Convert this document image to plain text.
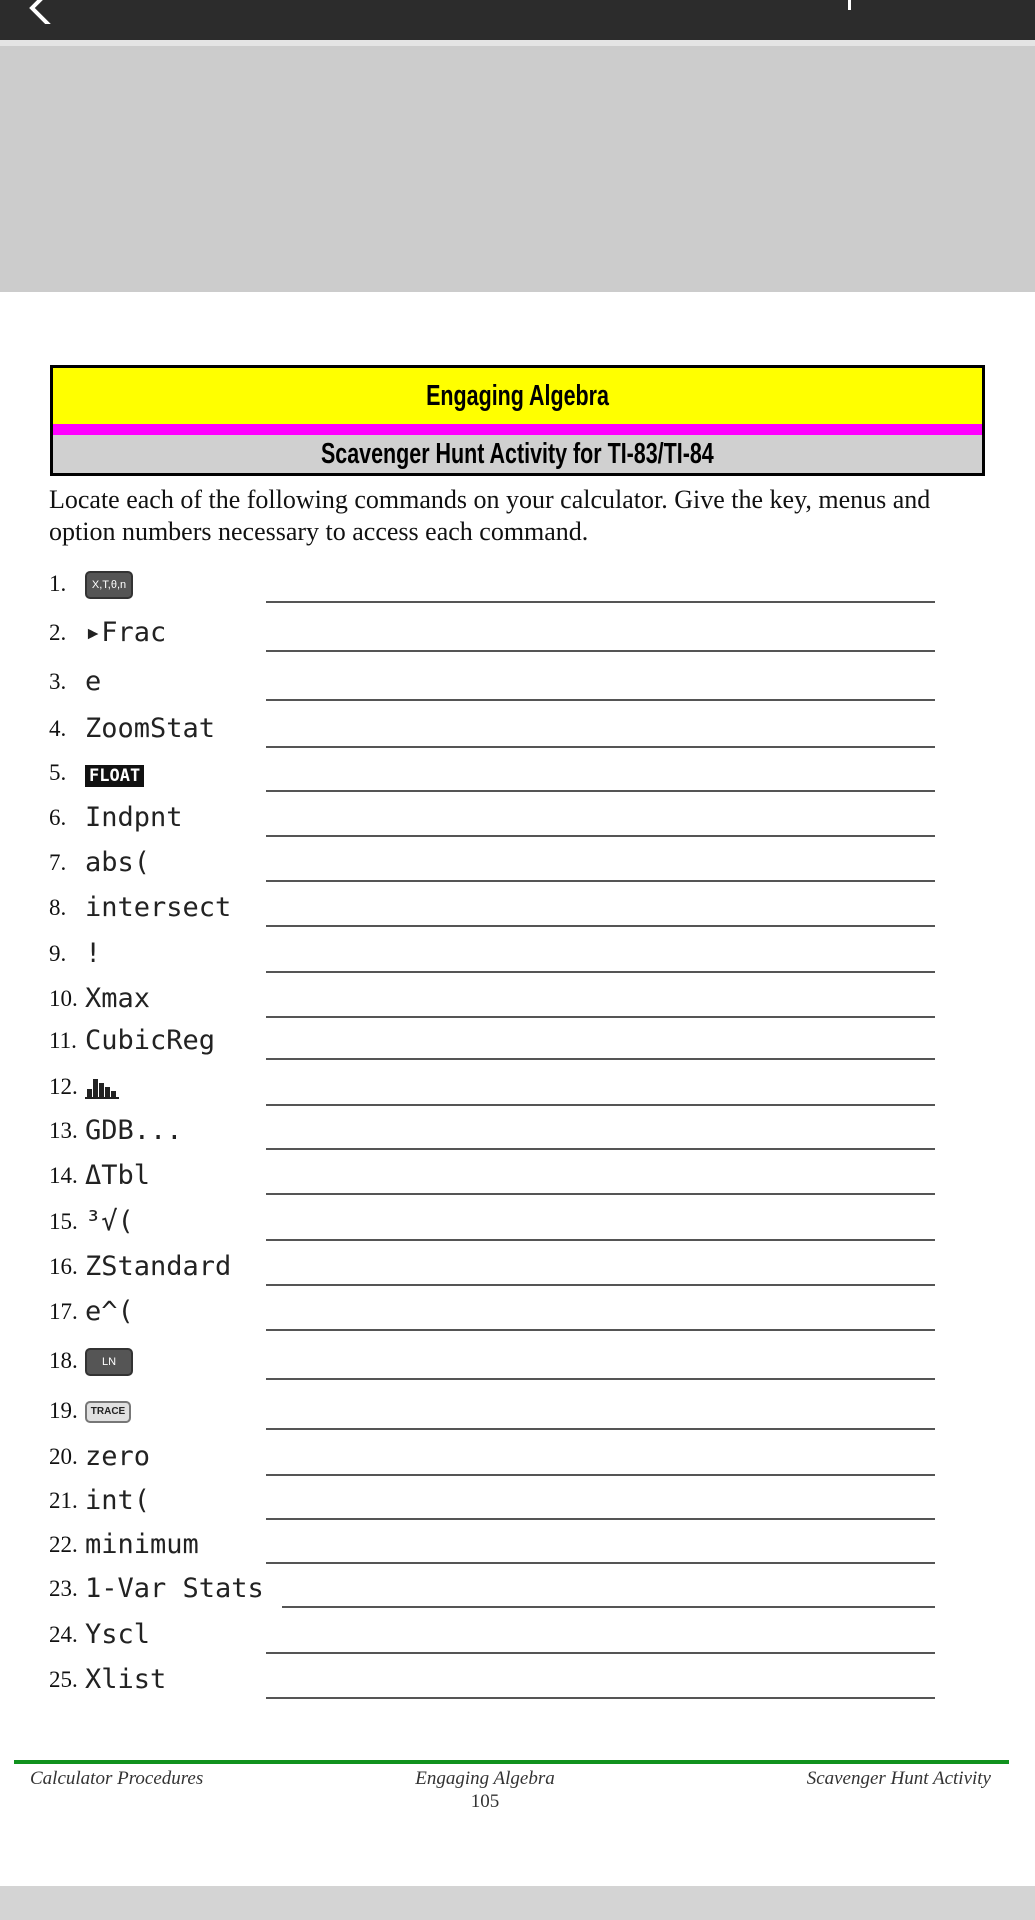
Engaging Algebra
Scavenger Hunt Activity for TI-83/TI-84
Locate each of the following commands on your calculator. Give the key, menus and option numbers necessary to access each command.
1.	X,T,θ,n
2. ▸Frac
3. e
4. ZoomStat
5. FLOAT
6. Indpnt
7. abs(
8. intersect
9. !
10. Xmax
11. CubicReg
12.
13. GDB...
14. ΔTbl
15. ³√(
16. ZStandard
17. e^(
18.	LN
19.	TRACE
20. zero
21. int(
22. minimum
23. 1-Var Stats
24. Yscl
25. Xlist
Calculator Procedures	Engaging Algebra
105
Scavenger Hunt Activity
